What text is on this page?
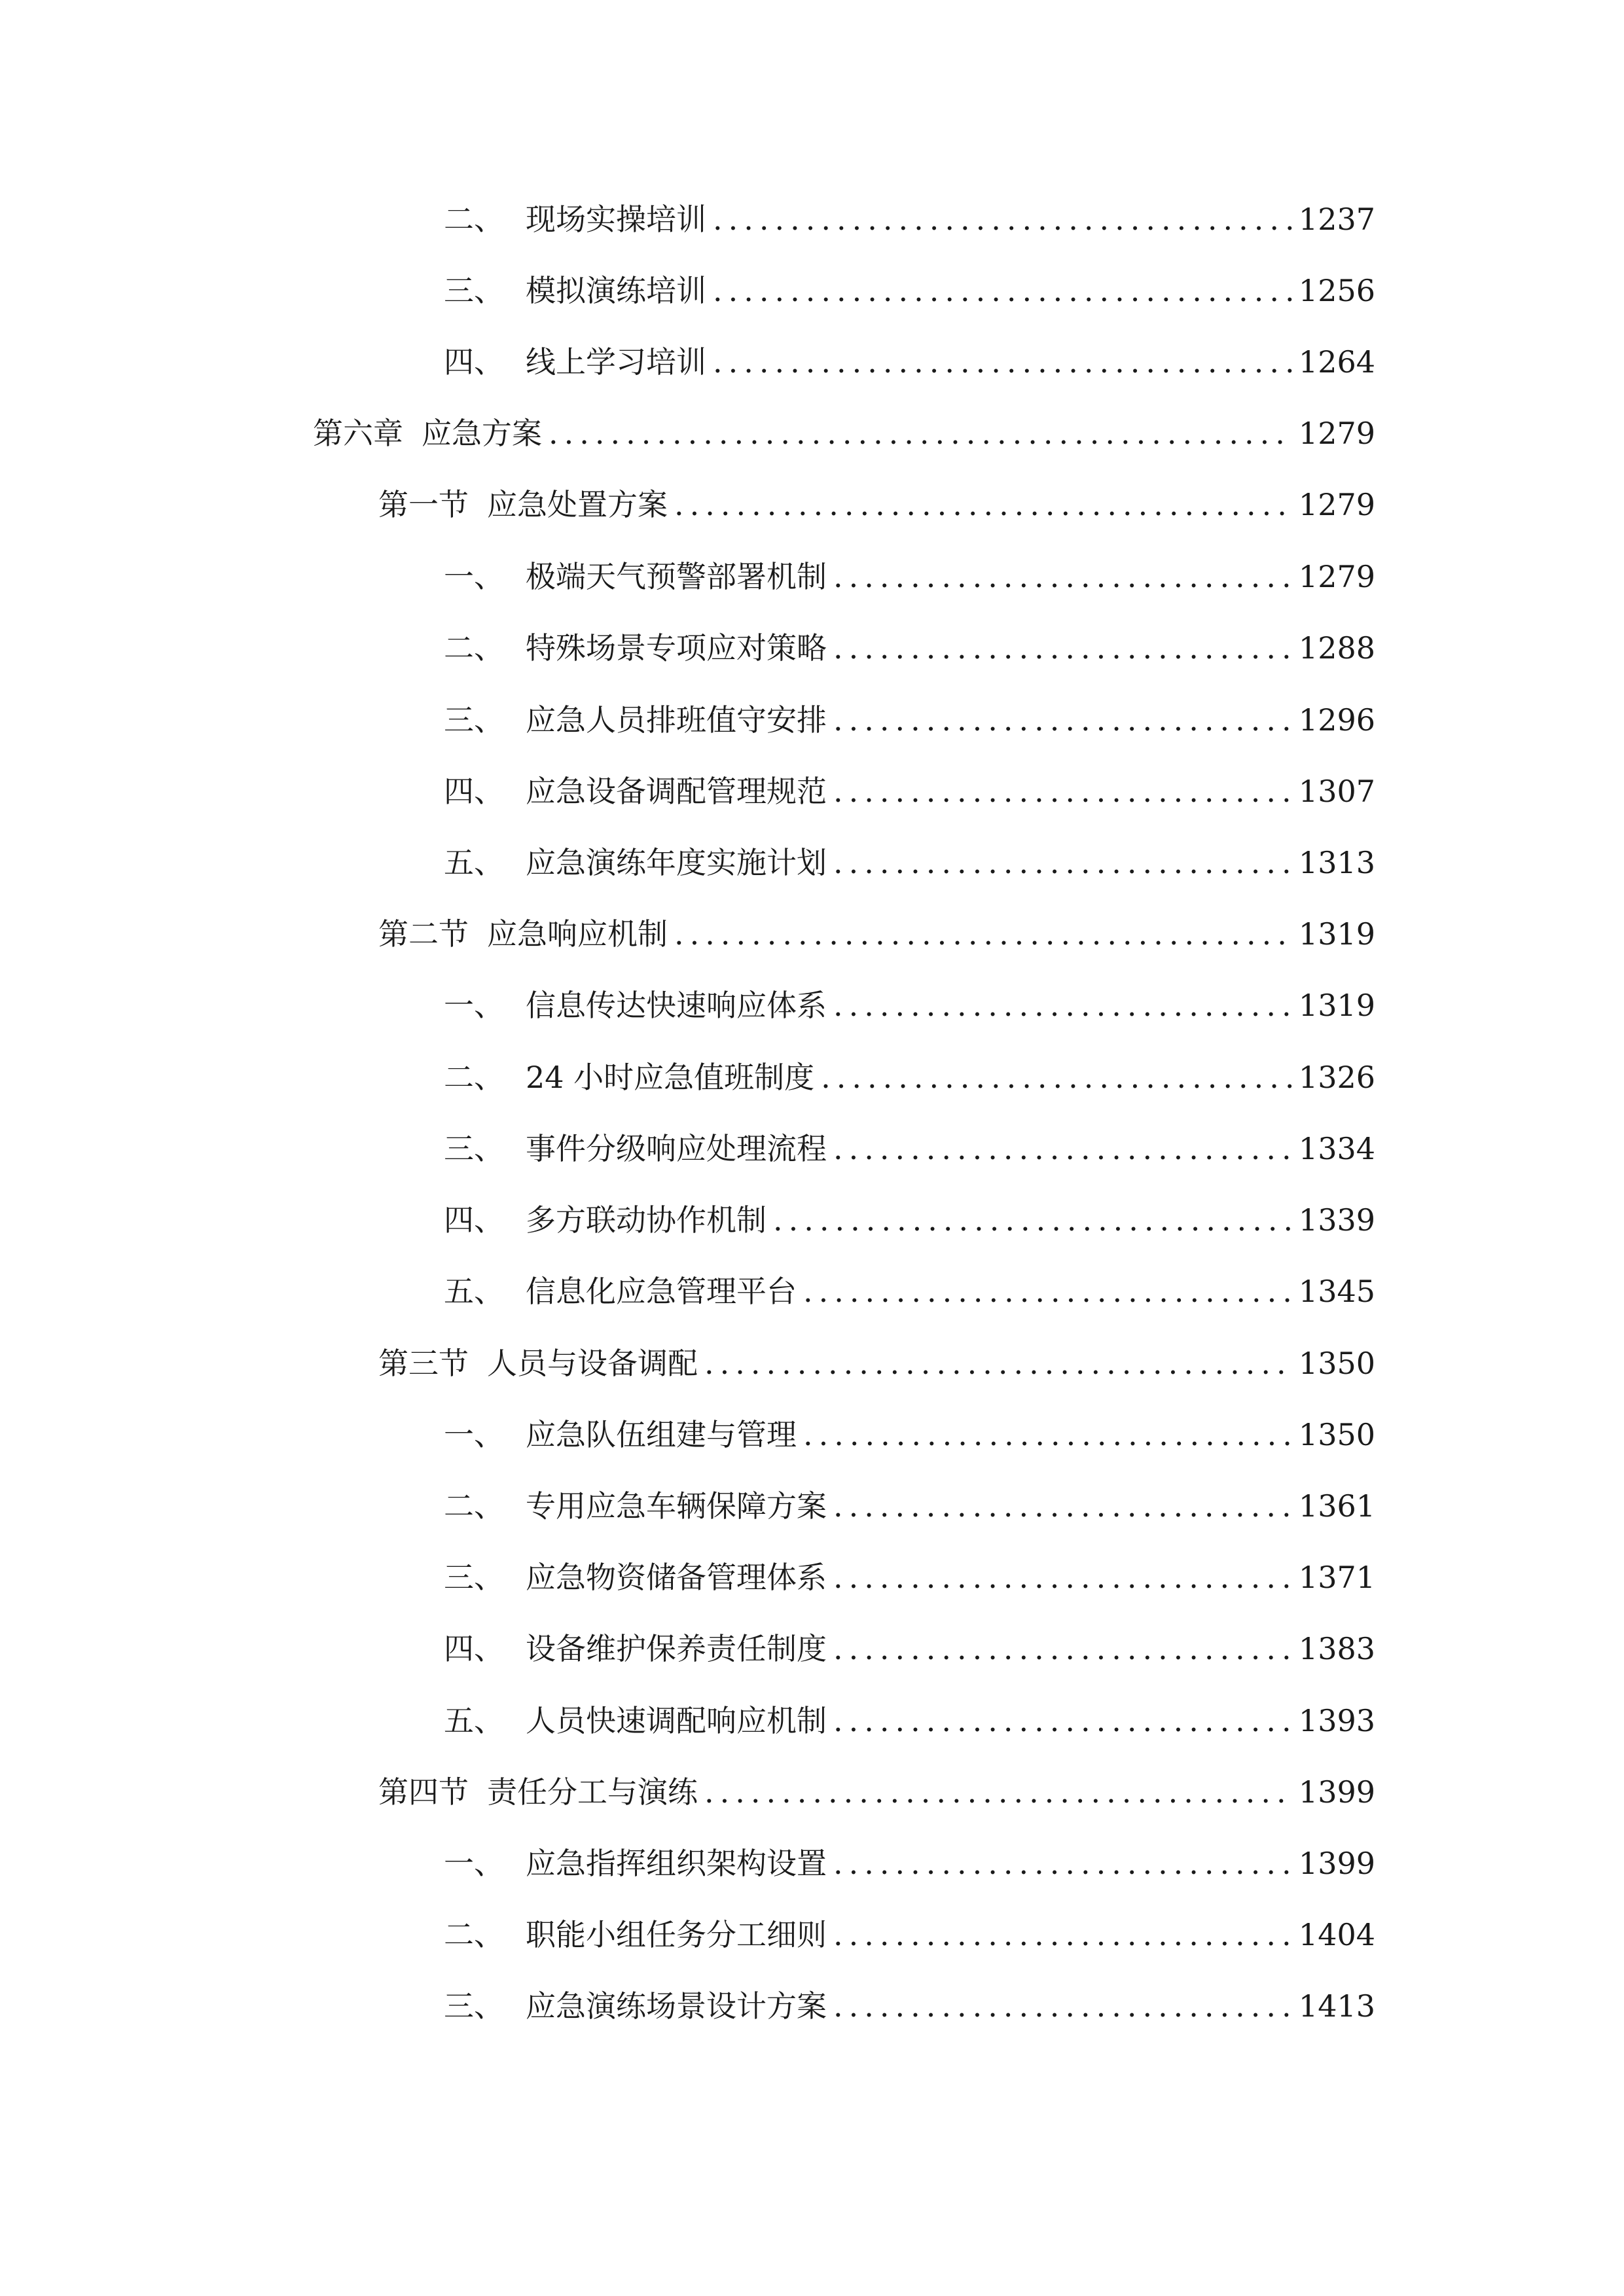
二、 现场实操培训 .....	1237
三、 模拟演练培训 .....	1256
四、 线上学习培训 .....	1264
第六章 应急方案 .....	1279
第一节 应急处置方案 .....	1279
一、 极端天气预警部署机制 .....	1279
二、 特殊场景专项应对策略 .....	1288
三、 应急人员排班值守安排 .....	1296
四、 应急设备调配管理规范 .....	1307
五、 应急演练年度实施计划 .....	1313
第二节 应急响应机制 .....	1319
一、 信息传达快速响应体系 .....	1319
二、 24 小时应急值班制度 .....	1326
三、 事件分级响应处理流程 .....	1334
四、 多方联动协作机制 .....	1339
五、 信息化应急管理平台 .....	1345
第三节 人员与设备调配 .....	1350
一、 应急队伍组建与管理 .....	1350
二、 专用应急车辆保障方案 .....	1361
三、 应急物资储备管理体系 .....	1371
四、 设备维护保养责任制度 .....	1383
五、 人员快速调配响应机制 .....	1393
第四节 责任分工与演练 .....	1399
一、 应急指挥组织架构设置 .....	1399
二、 职能小组任务分工细则 .....	1404
三、 应急演练场景设计方案 .....	1413
